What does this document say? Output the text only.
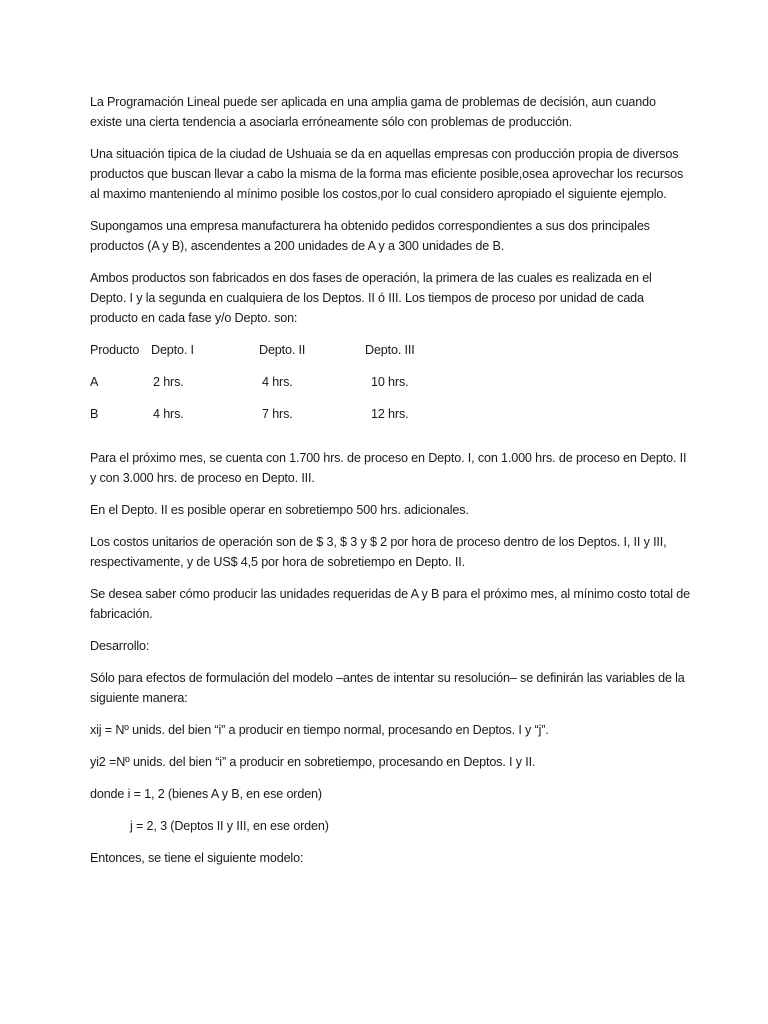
La Programación Lineal puede ser aplicada en una amplia gama de problemas de decisión, aun cuando existe una cierta tendencia a asociarla erróneamente sólo con problemas de producción.

Una situación tipica de la ciudad de Ushuaia se da en aquellas empresas con producción propia de diversos productos que buscan llevar a cabo la misma de la forma mas eficiente posible,osea aprovechar los recursos al maximo manteniendo al mínimo posible los costos,por lo cual considero apropiado el siguiente ejemplo.

Supongamos una empresa manufacturera ha obtenido pedidos correspondientes a sus dos principales productos (A y B), ascendentes a 200 unidades de A y a 300 unidades de B.

Ambos productos son fabricados en dos fases de operación, la primera de las cuales es realizada en el Depto. I y la segunda en cualquiera de los Deptos. II ó III. Los tiempos de proceso por unidad de cada producto en cada fase y/o Depto. son:

Producto Depto. I	Depto. II	Depto. III
A	2 hrs.	4 hrs.	10 hrs.
B	4 hrs.	7 hrs.	12 hrs.

Para el próximo mes, se cuenta con 1.700 hrs. de proceso en Depto. I, con 1.000 hrs. de proceso en Depto. II y con 3.000 hrs. de proceso en Depto. III.

En el Depto. II es posible operar en sobretiempo 500 hrs. adicionales.

Los costos unitarios de operación son de $ 3, $ 3 y $ 2 por hora de proceso dentro de los Deptos. I, II y III, respectivamente, y de US$ 4,5 por hora de sobretiempo en Depto. II.

Se desea saber cómo producir las unidades requeridas de A y B para el próximo mes, al mínimo costo total de fabricación.

Desarrollo:

Sólo para efectos de formulación del modelo –antes de intentar su resolución– se definirán las variables de la siguiente manera:

xij = Nº unids. del bien “i” a producir en tiempo normal, procesando en Deptos. I y “j”.

yi2 =Nº unids. del bien “i” a producir en sobretiempo, procesando en Deptos. I y II.

donde i = 1, 2 (bienes A y B, en ese orden)

j = 2, 3 (Deptos II y III, en ese orden)

Entonces, se tiene el siguiente modelo:
